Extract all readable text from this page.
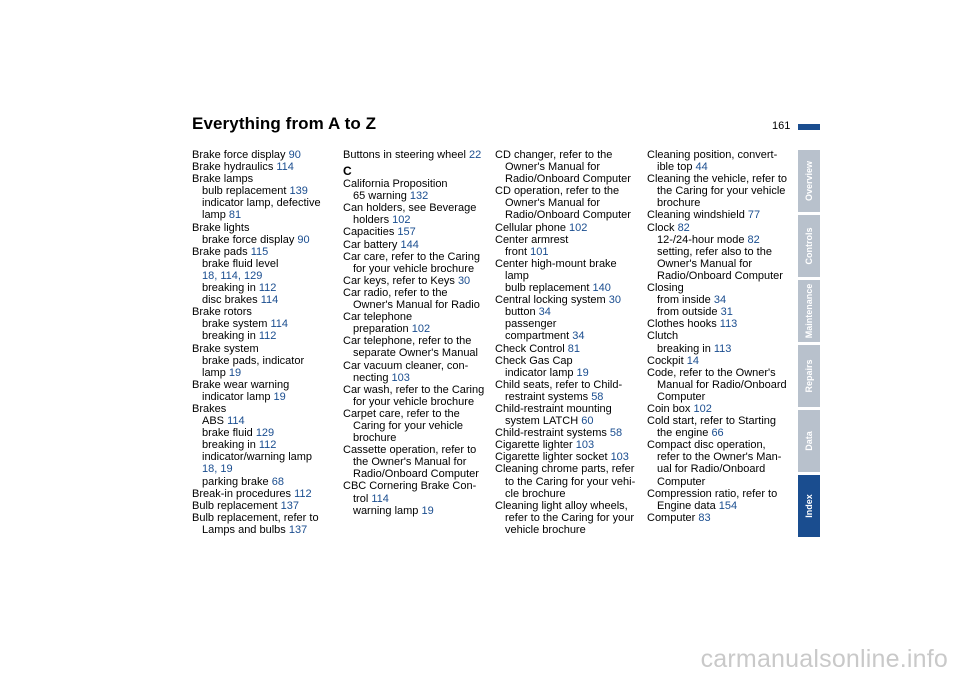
Everything from A to Z	161
Brake force display 90
Brake hydraulics 114
Brake lamps
bulb replacement 139
indicator lamp, defective
lamp 81
Brake lights
brake force display 90
Brake pads 115
brake fluid level
18, 114, 129
breaking in 112
disc brakes 114
Brake rotors
brake system 114
breaking in 112
Brake system
brake pads, indicator
lamp 19
Brake wear warning
indicator lamp 19
Brakes
ABS 114
brake fluid 129
breaking in 112
indicator/warning lamp
18, 19
parking brake 68
Break-in procedures 112
Bulb replacement 137
Bulb replacement, refer to
Lamps and bulbs 137
Buttons in steering wheel 22
C
California Proposition
65 warning 132
Can holders, see Beverage
holders 102
Capacities 157
Car battery 144
Car care, refer to the Caring
for your vehicle brochure
Car keys, refer to Keys 30
Car radio, refer to the
Owner's Manual for Radio
Car telephone
preparation 102
Car telephone, refer to the
separate Owner's Manual
Car vacuum cleaner, con-
necting 103
Car wash, refer to the Caring
for your vehicle brochure
Carpet care, refer to the
Caring for your vehicle
brochure
Cassette operation, refer to
the Owner's Manual for
Radio/Onboard Computer
CBC Cornering Brake Con-
trol 114
warning lamp 19
CD changer, refer to the
Owner's Manual for
Radio/Onboard Computer
CD operation, refer to the
Owner's Manual for
Radio/Onboard Computer
Cellular phone 102
Center armrest
front 101
Center high-mount brake
lamp
bulb replacement 140
Central locking system 30
button 34
passenger
compartment 34
Check Control 81
Check Gas Cap
indicator lamp 19
Child seats, refer to Child-
restraint systems 58
Child-restraint mounting
system LATCH 60
Child-restraint systems 58
Cigarette lighter 103
Cigarette lighter socket 103
Cleaning chrome parts, refer
to the Caring for your vehi-
cle brochure
Cleaning light alloy wheels,
refer to the Caring for your
vehicle brochure
Cleaning position, convert-
ible top 44
Cleaning the vehicle, refer to
the Caring for your vehicle
brochure
Cleaning windshield 77
Clock 82
12-/24-hour mode 82
setting, refer also to the
Owner's Manual for
Radio/Onboard Computer
Closing
from inside 34
from outside 31
Clothes hooks 113
Clutch
breaking in 113
Cockpit 14
Code, refer to the Owner's
Manual for Radio/Onboard
Computer
Coin box 102
Cold start, refer to Starting
the engine 66
Compact disc operation,
refer to the Owner's Man-
ual for Radio/Onboard
Computer
Compression ratio, refer to
Engine data 154
Computer 83
Overview
Controls
Maintenance
Repairs
Data
Index
carmanualsonline.info
